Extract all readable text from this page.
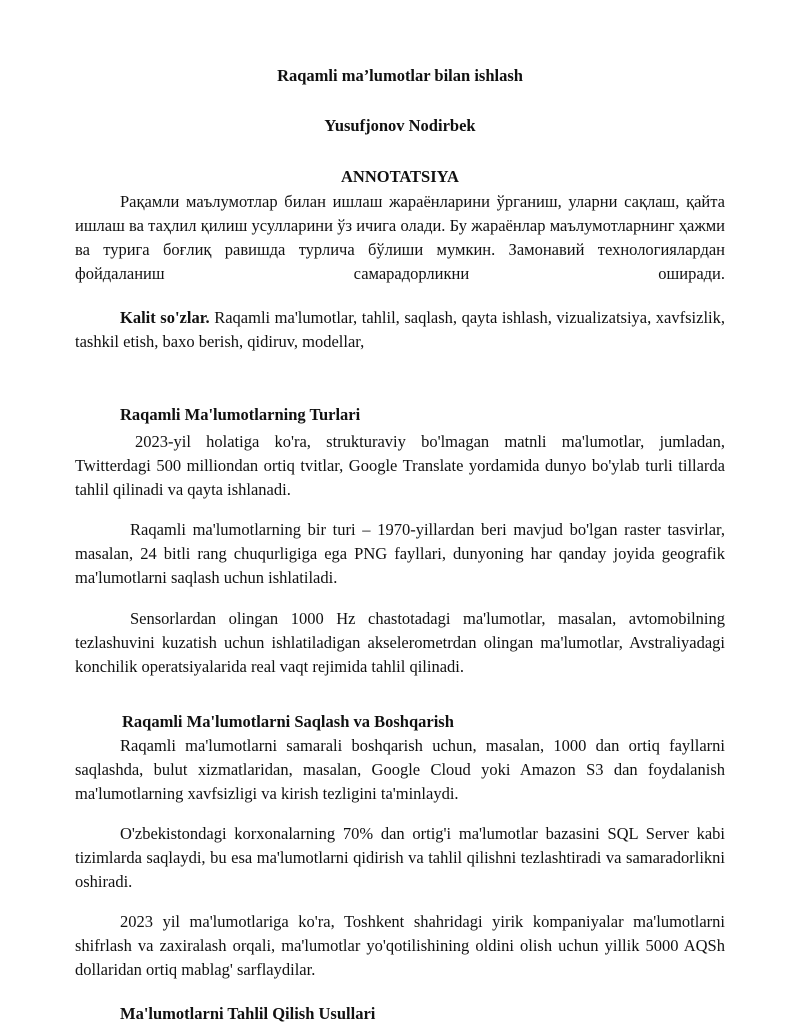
Raqamli ma’lumotlar bilan ishlash
Yusufjonov Nodirbek
ANNOTATSIYA
Рақамли маълумотлар билан ишлаш жараёнларини ўрганиш, уларни сақлаш, қайта ишлаш ва таҳлил қилиш усулларини ўз ичига олади. Бу жараёнлар маълумотларнинг ҳажми ва турига боғлиқ равишда турлича бўлиши мумкин. Замонавий технологиялардан фойдаланиш самарадорликни оширади.
Kalit so'zlar. Raqamli ma'lumotlar, tahlil, saqlash, qayta ishlash, vizualizatsiya, xavfsizlik, tashkil etish, baxo berish, qidiruv, modellar,
Raqamli Ma'lumotlarning Turlari
2023-yil holatiga ko'ra, strukturaviy bo'lmagan matnli ma'lumotlar, jumladan, Twitterdagi 500 milliondan ortiq tvitlar, Google Translate yordamida dunyo bo'ylab turli tillarda tahlil qilinadi va qayta ishlanadi.
Raqamli ma'lumotlarning bir turi – 1970-yillardan beri mavjud bo'lgan raster tasvirlar, masalan, 24 bitli rang chuqurligiga ega PNG fayllari, dunyoning har qanday joyida geografik ma'lumotlarni saqlash uchun ishlatiladi.
Sensorlardan olingan 1000 Hz chastotadagi ma'lumotlar, masalan, avtomobilning tezlashuvini kuzatish uchun ishlatiladigan akselerometrdan olingan ma'lumotlar, Avstraliyadagi konchilik operatsiyalarida real vaqt rejimida tahlil qilinadi.
Raqamli Ma'lumotlarni Saqlash va Boshqarish
Raqamli ma'lumotlarni samarali boshqarish uchun, masalan, 1000 dan ortiq fayllarni saqlashda, bulut xizmatlaridan, masalan, Google Cloud yoki Amazon S3 dan foydalanish ma'lumotlarning xavfsizligi va kirish tezligini ta'minlaydi.
O'zbekistondagi korxonalarning 70% dan ortig'i ma'lumotlar bazasini SQL Server kabi tizimlarda saqlaydi, bu esa ma'lumotlarni qidirish va tahlil qilishni tezlashtiradi va samaradorlikni oshiradi.
2023 yil ma'lumotlariga ko'ra, Toshkent shahridagi yirik kompaniyalar ma'lumotlarni shifrlash va zaxiralash orqali, ma'lumotlar yo'qotilishining oldini olish uchun yillik 5000 AQSh dollaridan ortiq mablag' sarflaydilar.
Ma'lumotlarni Tahlil Qilish Usullari
